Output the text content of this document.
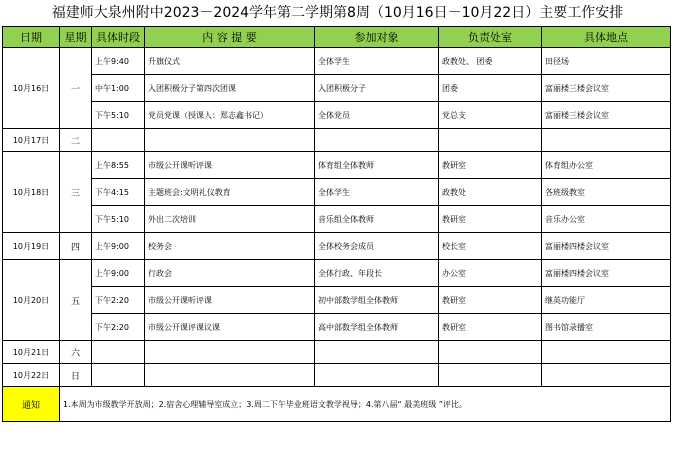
福建师大泉州附中2023－2024学年第二学期第8周（10月16日－10月22日）主要工作安排
日期	星期	具体时段	内 容 提 要	参加对象	负责处室	具体地点
10月16日	一	上午9:40	升旗仪式	全体学生	政教处、 团委	田径场
		中午1:00	入团积极分子第四次团课	入团积极分子	团委	富丽楼三楼会议室
		下午5:10	党员党课（授课人：郑志鑫书记）	全体党员	党总支	富丽楼三楼会议室
10月17日	二					
10月18日	三	上午8:55	市级公开课听评课	体育组全体教师	教研室	体育组办公室
		下午4:15	主题班会:文明礼仪教育	全体学生	政教处	各班级教室
		下午5:10	外出二次培训	音乐组全体教师	教研室	音乐办公室
10月19日	四	上午9:00	校务会	全体校务会成员	校长室	富丽楼四楼会议室
10月20日	五	上午9:00	行政会	全体行政、年段长	办公室	富丽楼四楼会议室
		下午2:20	市级公开课听评课	初中部数学组全体教师	教研室	继英功能厅
		下午2:20	市级公开课评课议课	高中部数学组全体教师	教研室	图书馆录播室
10月21日	六					
10月22日	日					
通知	1.本周为市级教学开放周；2.宿舍心理辅导室成立；3.周二下午毕业班语文教学视导；4.第八届“ 最美班级 ”评比。					
